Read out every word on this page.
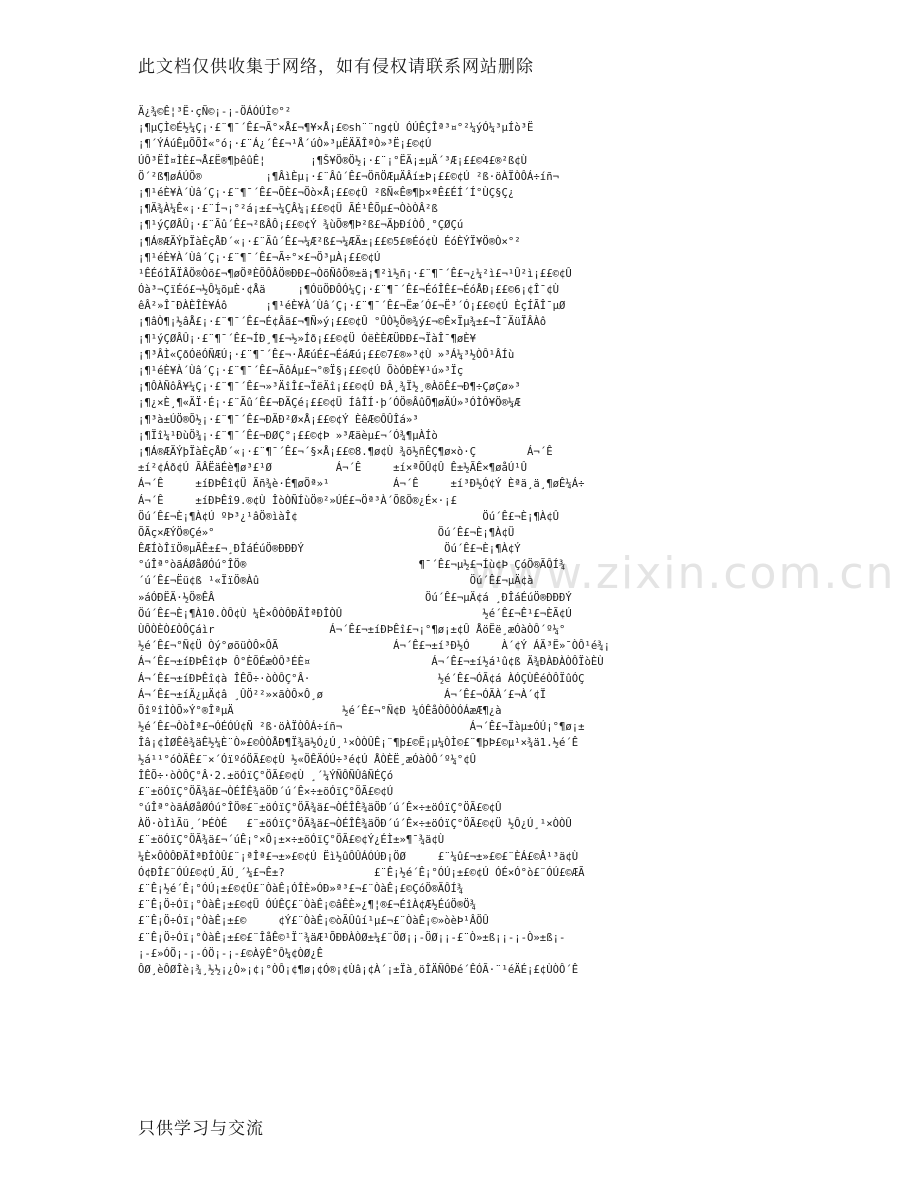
此文档仅供收集于网络，如有侵权请联系网站删除
www.zixin.com.cn
Ä¿¾©Ê¦³Ë·çÑ©¡-¡-ÖÁÓÚÌ©°²
¡¶µÇÌ©É½¼Ç¡·£¨¶¯´Ê£¬Ã°×Å£¬¶¥×Å¡£©sh¨¨ng¢Ù ÓÚÊÇÎª³¤°²¼ýÓ¼³µÍò³Ë
¡¶´ÝÁúÊµÕÕÌ«°ó¡·£¨Á¿´Ê£¬¹Å´úÒ»³µËÄÄÎªÒ»³Ë¡£©¢Ú
ÚÔ³ËÎ¤ÌÈ£¬Å£Ë®¶þêûÊ¦       ¡¶Š¥Ö®Ö½¡·£¨¡°ËÄ¡±µÄ´³Æ¡££©4£®²ß¢Ù
Ö´²ß¶øÁÚÖ®          ¡¶ÂìÈµ¡·£¨Âû´Ê£¬ÖñÖÆµÄÂí±Þ¡££©¢Ú ²ß·öÀÏÒÔÁ÷íñ¬
¡¶¹éÈ¥À´Ùâ´Ç¡·£¨¶¯´Ê£¬ÕÈ£¬Öò×Å¡££©¢Û ²ßÑ«Ê®¶þ×ªÊ£ÉÍ´Í°ÙÇ§Ç¿
¡¶Ä¾À¼Ê«¡·£¨Í¬¡°²á¡±£¬¼ÇÂ¼¡££©¢Ü ÃÉ¹ÊÕµ£¬ÒòÒÂ²ß
¡¶¹ýÇØÂÛ¡·£¨Ãû´Ê£¬²ßÂÔ¡££©¢Ý ¾ùÕ®¶Þ²ß£¬ÄþÐíÒÔ¸°ÇØÇú
¡¶Á®ÆÄÝþÏàÈçÅÐ´«¡·£¨Ãû´Ê£¬¼Æ²ß£¬¼ÆÄ±¡££©5£®Éó¢Ù ÉóÈÝÏ¥Ö®Ò×°²
¡¶¹éÈ¥À´Ùâ´Ç¡·£¨¶¯´Ê£¬Ã÷°×£¬Ö³µÀ¡££©¢Ú
¹ÊÉóÌÃÏÂÖ®Òõ£¬¶øÖªÈÕÔÂÖ®ÐÐ£¬ÒõÑôÖ®±ä¡¶²ì½ñ¡·£¨¶¯´Ê£¬¿¼²ì£¬¹Û²ì¡££©¢Û
Óà³¬ÇïÉó£¬½Ô¼õµÈ·¢Åä     ¡¶ÓüÖÐÔÓ¼Ç¡·£¨¶¯´Ê£¬ÉóÎÊ£¬ÉóÅÐ¡££©6¡¢Î¯¢Ù
êÂ²»Î¯ÐÀÈÎÈ¥Áô      ¡¶¹éÈ¥À´Ùâ´Ç¡·£¨¶¯´Ê£¬Ëæ´Ó£¬Ë³´Ó¡££©¢Ú ÈçÍÃÎ¯µØ
¡¶âÒ¶¡½âÅ£¡·£¨¶¯´Ê£¬É¢Âä£¬¶Ñ»ý¡££©¢Û °ÛÒ½Ö®¾ý£¬©Ê×Ïµ¾±£¬Î¯ÄüÏÂÀô
¡¶¹ýÇØÂÛ¡·£¨¶¯´Ê£¬ÍÐ¸¶£¬½»Íð¡££©¢Ü ÓëÈÈÆÜÐÐ£¬ÏàÎ¯¶øÈ¥
¡¶³ÂÌ«ÇðÓëÓÑÆÚ¡·£¨¶¯´Ê£¬·ÅÆúÉ£¬ÉáÆú¡££©7£®»³¢Ù »³Á¼³½ÒÔ¹ÂÍù
¡¶¹éÈ¥À´Ùâ´Ç¡·£¨¶¯´Ê£¬ÃôÁµ£¬°®Ï§¡££©¢Ú ÕòÓÐÈ¥¹ú»³Ïç
¡¶ÔÀÑôÂ¥¼Ç¡·£¨¶¯´Ê£¬»³ÄîÎ£¬ÏëÄî¡££©¢Û ÐÂ¸¾Ï½¸®ÀõÊ£¬Ð¶÷ÇøÇø»³
¡¶¿×È¸¶«ÄÏ·É¡·£¨Ãû´Ê£¬ÐÄÇé¡££©¢Ü ÍâÎÍ·þ´ÓÖ®ÂûÕ¶øÄÚ»³ÓÌÔ¥Ö®¼Æ
¡¶³à±ÚÖ®Õ½¡·£¨¶¯´Ê£¬ÐÄÐ²Ø×Å¡££©¢Ý ÈêÆ©ÔÛÎá»³
¡¶Ïî¼¹ÐùÖ¾¡·£¨¶¯´Ê£¬ÐØÇ°¡££©¢Þ »³Æäèµ£¬´Ó¾¶µÀÍò
¡¶Á®ÆÄÝþÏàÈçÅÐ´«¡·£¨¶¯´Ê£¬´§×Å¡££©8.¶ø¢Ù ¾õ½ñÊÇ¶ø×ò·Ç        Á¬´Ê
±í²¢Áð¢Ú ÃÂËäÉè¶ø³£¹Ø          Á¬´Ê     ±í×ªÕÛ¢Û Ê±½ÃÊ×¶øåÚ¹Û
Á¬´Ê     ±íÐÞÊî¢Ü Äñ¾è·É¶øÖª»¹          Á¬´Ê     ±í³Ð½Ó¢Ý Èªä¸ä¸¶øÊ¼Á÷
Á¬´Ê     ±íÐÞÊî9.®¢Ù ÎòÒÑÍùÖ®²»ÚÉ£¬Öª³À´ÕßÖ®¿É×·¡£
Öú´Ê£¬È¡¶À¢Ú ºÞ³¿¹âÖ®ìàÎ¢                             Öú´Ê£¬È¡¶À¢Û
ÕÃç×ÆÝÖ®Çé»°                                   Öú´Ê£¬È¡¶À¢Ü
ÊÆÍòÎïÖ®µÃÊ±£¬¸ÐÎáÉúÖ®ÐÐÐÝ                      Öú´Ê£¬È¡¶À¢Ý
°úÎª°òãÁØåØÓú°ÎÖ®                           ¶¯´Ê£¬µ½£¬Íù¢Þ ÇóÖ®ÃÔÍ¾
´ú´Ê£¬Ëü¢ß ¹«ÏïÖ®Àû                                 Öú´Ê£¬µÄ¢à
»áÓÐËÄ·½Ö®ÊÂ                                 Öú´Ê£¬µÄ¢á ¸ÐÎáÉúÖ®ÐÐÐÝ
Öú´Ê£¬È¡¶À10.ÒÔ¢Ù ¼È×ÔÒÔÐÄÎªÐÎÒÛ                      ½é´Ê£¬Ê¹£¬ÈÃ¢Ú
ÙÔÒÈÒ£ÒÔÇáìr                  Á¬´Ê£¬±íÐÞÊî£¬¡°¶ø¡±¢Û ÅöËë¸æÓàÒÔ´º¼°
½é´Ê£¬°Ñ¢Ü Òý°øõüÒÔ×ÔÃ                  Á¬´Ê£¬±í³Ð½Ó     À´¢Ý ÁÄ³Ë»¯ÒÔ¹é¾¡
Á¬´Ê£¬±íÐÞÊî¢Þ Ô°ÈÕÉæÒÔ³ÉÈ¤                   Á¬´Ê£¬±í½á¹û¢ß Ä¾ÐÀÐÀÒÔÏòÈÙ
Á¬´Ê£¬±íÐÞÊî¢à ÎÊÕ÷·òÒÔÇ°Â·                    ½é´Ê£¬ÓÃ¢á ÀÓÇÙÊéÒÔÏûÓÇ
Á¬´Ê£¬±íÄ¿µÄ¢â ¸ÛÖ²²»×ãÒÔ×Ô¸ø                   Á¬´Ê£¬ÓÃÀ´£¬À´¢Ï
ÕîºîÌÒÕ»Ý°®ÎªµÄ                 ½é´Ê£¬°Ñ¢Ð ¼ÓÊåÒÔÒÓÁæÆ¶¿à
½é´Ê£¬ÒòÎª£¬ÓÉÓÚ¢Ñ ²ß·öÀÏÒÔÁ÷íñ¬                    Á¬´Ê£¬Ïàµ±ÓÚ¡°¶ø¡±
Îâ¡¢ÌØÊê¾äÊ½¼È¨Ò»£©ÒÒÅÐ¶Ï¾ä½Ó¿Ú¸¹×ÒÒÛÊ¡¨¶þ£©Ë¡µ¼ÒÌ©£¨¶þÞ£©µ¹×¾ä1.½é´Ê
½á¹¹°óÒÄÊ£¨×´ÓïºóÖÃ£©¢Ù ½«ÖÊÄÓÚ÷³é¢Ú ÅÒÈË¸æÓàÒÔ´º¼°¢Û
ÎÊÕ÷·òÒÔÇ°Â·2.±öÓïÇ°ÖÃ£©¢Ù ¸´¼ÝÑÔÑÛâÑÉÇó
£¨±öÓïÇ°ÖÃ¾ä£¬ÒÉÎÊ¾äÖÐ´ú´Ê×÷±öÓïÇ°ÖÃ£©¢Ú
°úÎª°òãÁØåØÓú°ÎÖ®£¨±öÓïÇ°ÖÃ¾ä£¬ÒÉÎÊ¾äÖÐ´ú´Ê×÷±öÓïÇ°ÖÃ£©¢Û
ÀÖ·òÌìÃü¸´ÞÉÒÉ   £¨±öÓïÇ°ÖÃ¾ä£¬ÒÉÎÊ¾äÖÐ´ú´Ê×÷±öÓïÇ°ÖÃ£©¢Ü ½Ô¿Ú¸¹×ÒÒÛ
£¨±öÓïÇ°ÖÃ¾ä£¬´úÊ¡°×Ô¡±×÷±öÓïÇ°ÖÃ£©¢Ý¿ÉÌ±»¶¯¾ä¢Ù
¼È×ÔÒÔÐÄÎªÐÎÒÛ£¨¡ªÎª£¬±»£©¢Ú Ëì½ûÔÛÁÓÚÐ¡ÖØ     £¨¼û£¬±»£©£¨ÈÁ£©Â¹³ä¢Ù
Ó¢ÐÎ£¨ÓÚ£©¢Ú¸ÃÚ¸´¼£¬Ê±?              £¨Ê¡½é´Ê¡°ÓÚ¡±£©¢Ú ÓÉ×Ó°ò£¨ÓÚ£©ÆÃ
£¨Ê¡½é´Ê¡°ÓÚ¡±£©¢Û£¨ÒàÊ¡ÓÎÈ»ÓÐ»ª³£¬£¨ÒàÊ¡£©ÇóÖ®ÃÔÍ¾
£¨Ê¡Ö÷Óï¡°ÒàÊ¡±£©¢Ü ÓÚÊÇ£¨ÒàÊ¡©âÊÈ»¿¶¦®£¬ÉîÀ¢Æ½ÉúÖ®Ö¾
£¨Ê¡Ö÷Óï¡°ÒàÊ¡±£©     ¢Ý£¨ÒàÊ¡©òÃÛûí¹µ£¬£¨ÒàÊ¡©»òèÞ¹ÂÖÛ
£¨Ê¡Ö÷Óï¡°ÒàÊ¡±£©£¨ÎåÊ©¹Ï¨¾äÆ¹ÕÐÐÀÒØ±¼£¨ÖØ¡¡-ÖØ¡¡-£¨Ò»±ß¡¡-¡-Ò»±ß¡-
¡-£»ÓÖ¡-¡-ÓÖ¡-¡-£©ÀÿÊ°Ô¼¢ÒØ¿Ê
ÔØ¸èÔØÎè¡¾¸½½¡¿Ò»¡¢¡°ÒÔ¡¢¶ø¡¢Ó®¡¢Ùâ¡¢À´¡±Ïà¸öÎÄÑÔÐé´ÊÓÃ·¨¹éÄÉ¡£¢ÙÒÔ´Ê
只供学习与交流
